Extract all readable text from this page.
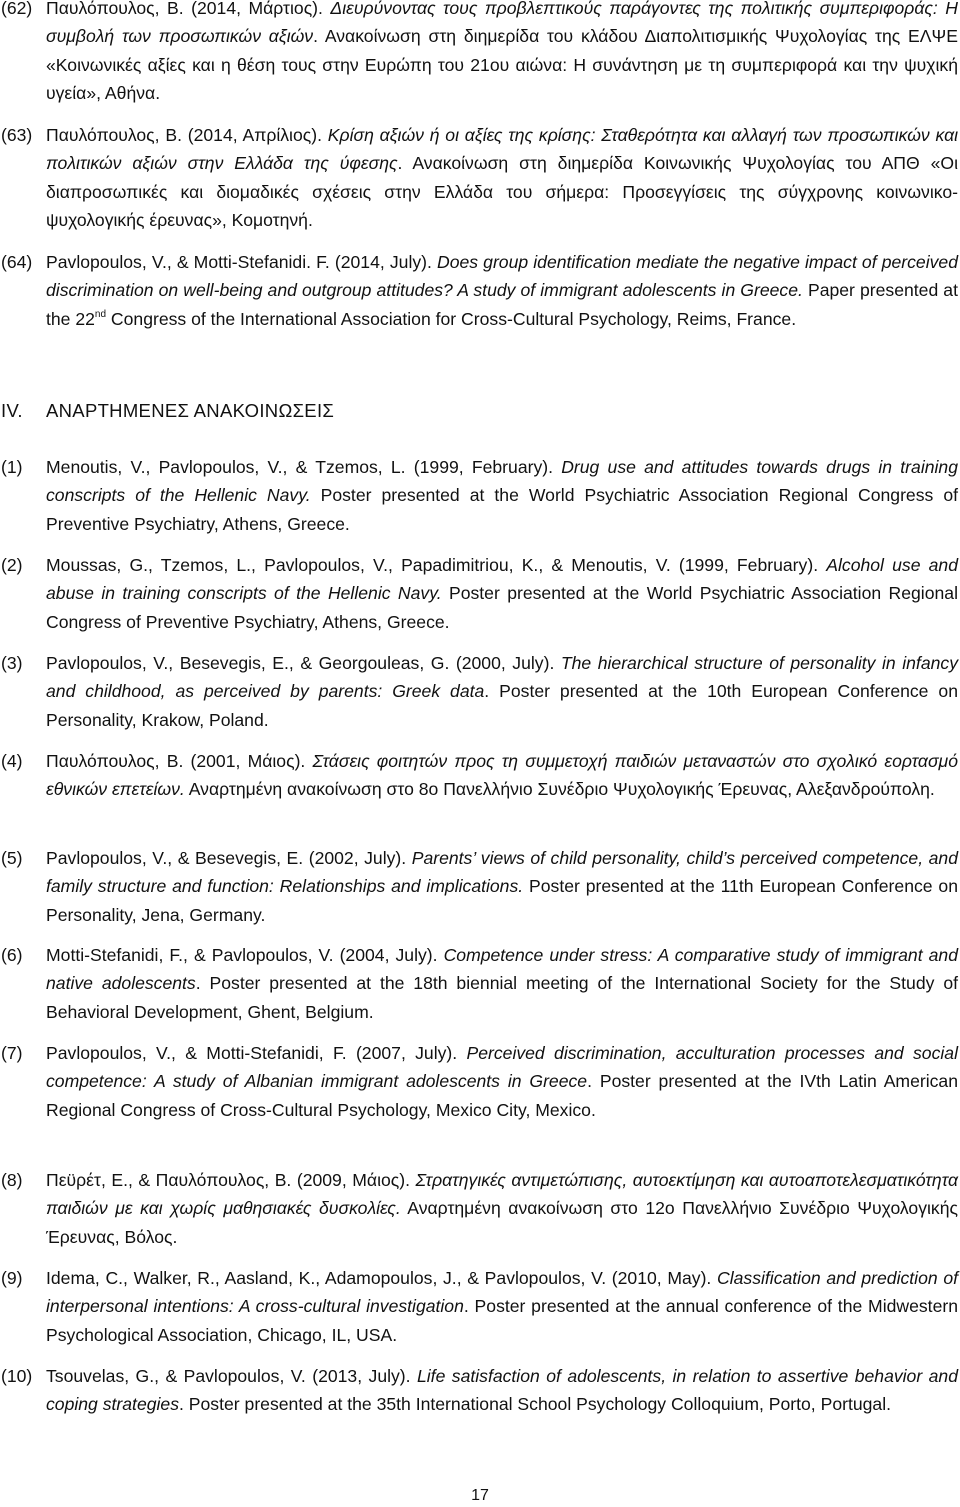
(62) Παυλόπουλος, Β. (2014, Μάρτιος). Διευρύνοντας τους προβλεπτικούς παράγοντες της πολιτικής συμπεριφοράς: Η συμβολή των προσωπικών αξιών. Ανακοίνωση στη διημερίδα του κλάδου Διαπολιτισμικής Ψυχολογίας της ΕΛΨΕ «Κοινωνικές αξίες και η θέση τους στην Ευρώπη του 21ου αιώνα: Η συνάντηση με τη συμπεριφορά και την ψυχική υγεία», Αθήνα.
(63) Παυλόπουλος, Β. (2014, Απρίλιος). Κρίση αξιών ή οι αξίες της κρίσης: Σταθερότητα και αλλαγή των προσωπικών και πολιτικών αξιών στην Ελλάδα της ύφεσης. Ανακοίνωση στη διημερίδα Κοινωνικής Ψυχολογίας του ΑΠΘ «Οι διαπροσωπικές και διομαδικές σχέσεις στην Ελλάδα του σήμερα: Προσεγγίσεις της σύγχρονης κοινωνικο-ψυχολογικής έρευνας», Κομοτηνή.
(64) Pavlopoulos, V., & Motti-Stefanidi. F. (2014, July). Does group identification mediate the negative impact of perceived discrimination on well-being and outgroup attitudes? A study of immigrant adolescents in Greece. Paper presented at the 22nd Congress of the International Association for Cross-Cultural Psychology, Reims, France.
IV. ΑΝΑΡΤΗΜΕΝΕΣ ΑΝΑΚΟΙΝΩΣΕΙΣ
(1) Menoutis, V., Pavlopoulos, V., & Tzemos, L. (1999, February). Drug use and attitudes towards drugs in training conscripts of the Hellenic Navy. Poster presented at the World Psychiatric Association Regional Congress of Preventive Psychiatry, Athens, Greece.
(2) Moussas, G., Tzemos, L., Pavlopoulos, V., Papadimitriou, K., & Menoutis, V. (1999, February). Alcohol use and abuse in training conscripts of the Hellenic Navy. Poster presented at the World Psychiatric Association Regional Congress of Preventive Psychiatry, Athens, Greece.
(3) Pavlopoulos, V., Besevegis, E., & Georgouleas, G. (2000, July). The hierarchical structure of personality in infancy and childhood, as perceived by parents: Greek data. Poster presented at the 10th European Conference on Personality, Krakow, Poland.
(4) Παυλόπουλος, Β. (2001, Μάιος). Στάσεις φοιτητών προς τη συμμετοχή παιδιών μεταναστών στο σχολικό εορτασμό εθνικών επετείων. Αναρτημένη ανακοίνωση στο 8ο Πανελλήνιο Συνέδριο Ψυχολογικής Έρευνας, Αλεξανδρούπολη.
(5) Pavlopoulos, V., & Besevegis, E. (2002, July). Parents’ views of child personality, child’s perceived competence, and family structure and function: Relationships and implications. Poster presented at the 11th European Conference on Personality, Jena, Germany.
(6) Motti-Stefanidi, F., & Pavlopoulos, V. (2004, July). Competence under stress: A comparative study of immigrant and native adolescents. Poster presented at the 18th biennial meeting of the International Society for the Study of Behavioral Development, Ghent, Belgium.
(7) Pavlopoulos, V., & Motti-Stefanidi, F. (2007, July). Perceived discrimination, acculturation processes and social competence: A study of Albanian immigrant adolescents in Greece. Poster presented at the IVth Latin American Regional Congress of Cross-Cultural Psychology, Mexico City, Mexico.
(8) Πεϋρέτ, Ε., & Παυλόπουλος, Β. (2009, Μάιος). Στρατηγικές αντιμετώπισης, αυτοεκτίμηση και αυτοαποτελεσματικότητα παιδιών με και χωρίς μαθησιακές δυσκολίες. Αναρτημένη ανακοίνωση στο 12ο Πανελλήνιο Συνέδριο Ψυχολογικής Έρευνας, Βόλος.
(9) Idema, C., Walker, R., Aasland, K., Adamopoulos, J., & Pavlopoulos, V. (2010, May). Classification and prediction of interpersonal intentions: A cross-cultural investigation. Poster presented at the annual conference of the Midwestern Psychological Association, Chicago, IL, USA.
(10) Tsouvelas, G., & Pavlopoulos, V. (2013, July). Life satisfaction of adolescents, in relation to assertive behavior and coping strategies. Poster presented at the 35th International School Psychology Colloquium, Porto, Portugal.
17
